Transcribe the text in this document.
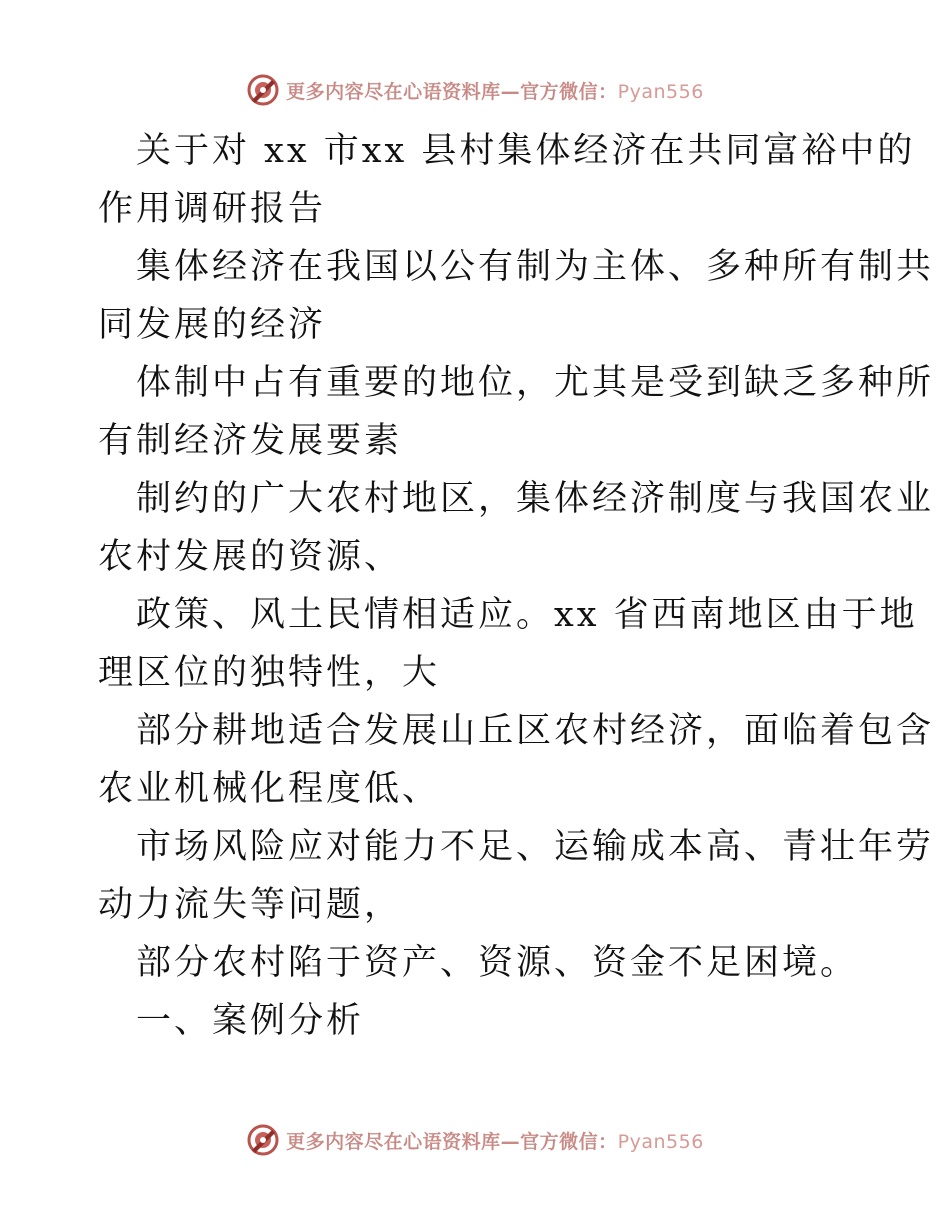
更多内容尽在心语资料库—官方微信：Pyan556
关于对 xx 市xx 县村集体经济在共同富裕中的
作用调研报告
集体经济在我国以公有制为主体、多种所有制共
同发展的经济
体制中占有重要的地位，尤其是受到缺乏多种所
有制经济发展要素
制约的广大农村地区，集体经济制度与我国农业
农村发展的资源、
政策、风土民情相适应。xx 省西南地区由于地
理区位的独特性，大
部分耕地适合发展山丘区农村经济，面临着包含
农业机械化程度低、
市场风险应对能力不足、运输成本高、青壮年劳
动力流失等问题，
部分农村陷于资产、资源、资金不足困境。
一、案例分析
更多内容尽在心语资料库—官方微信：Pyan556
